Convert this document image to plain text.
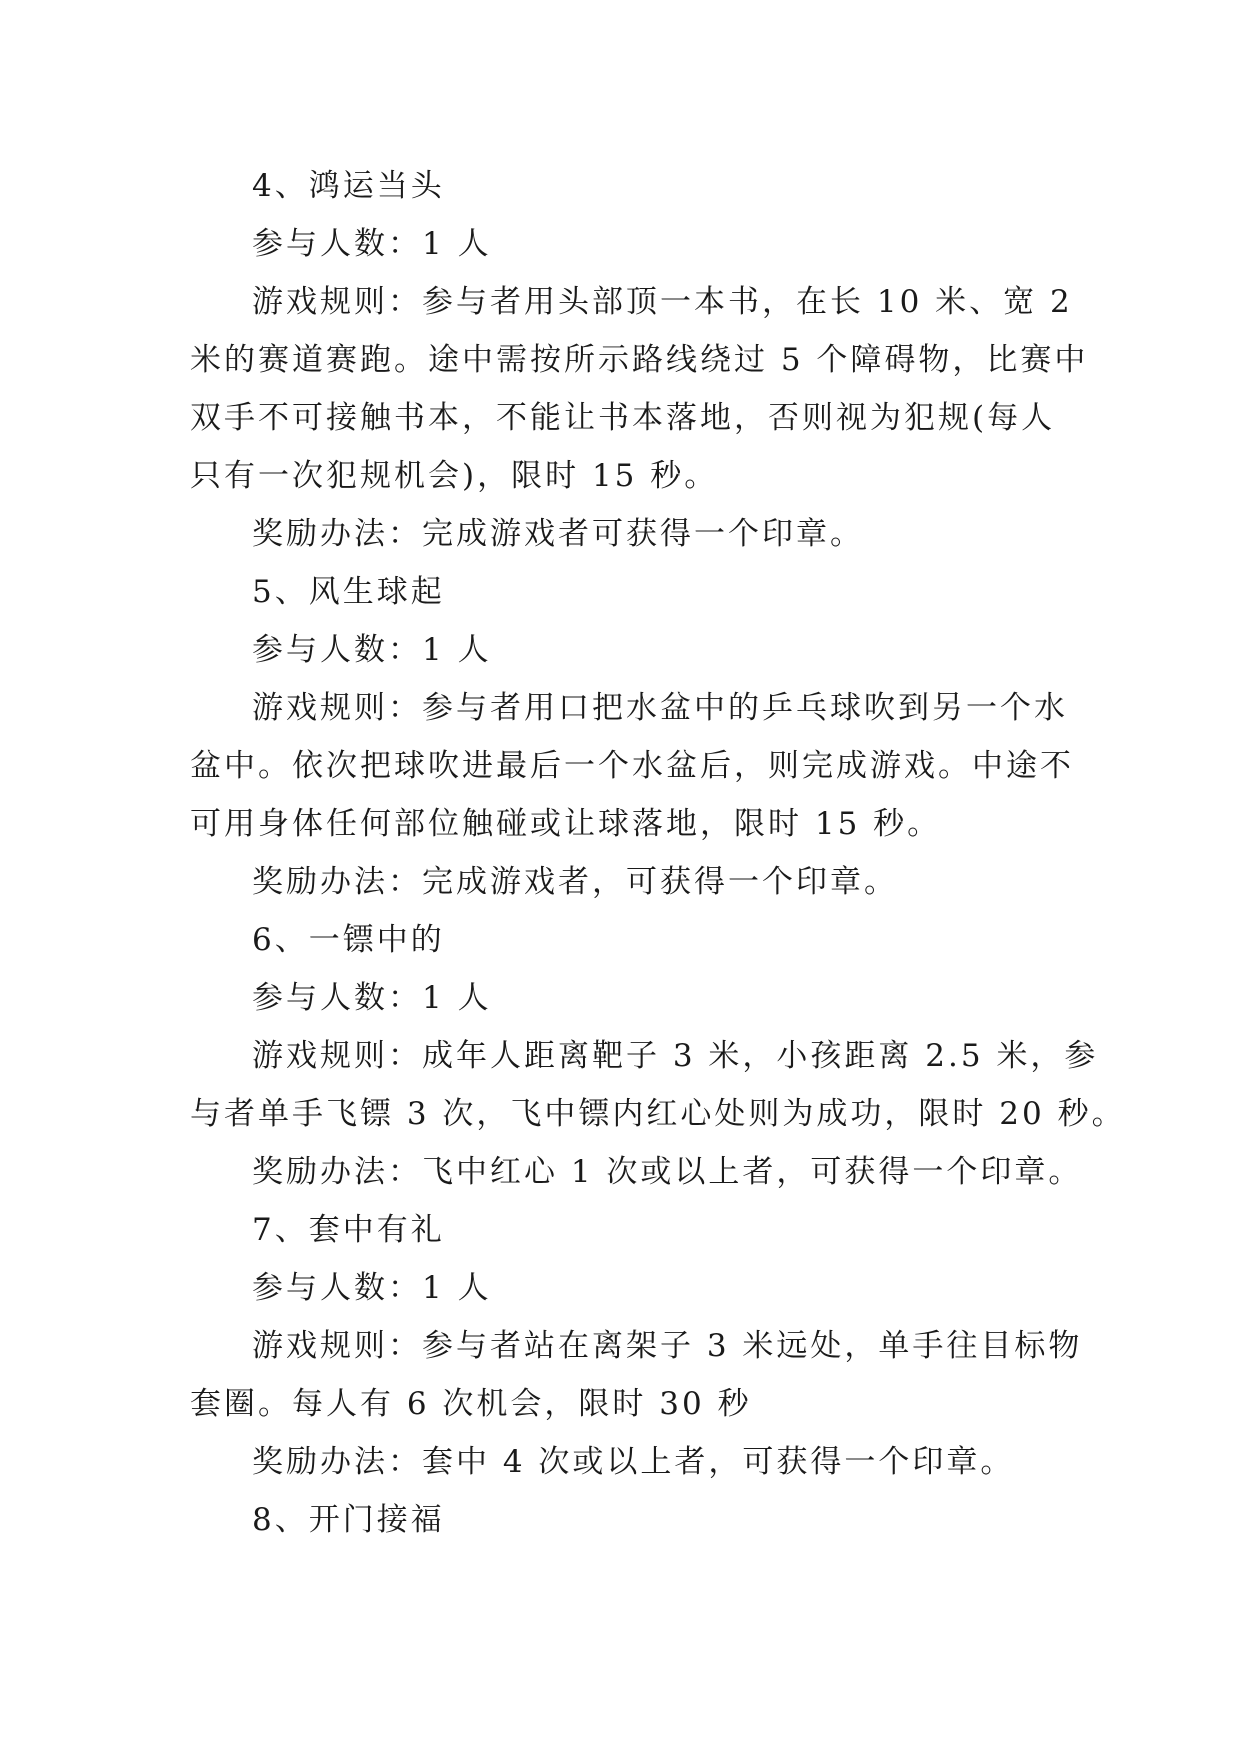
4、鸿运当头
参与人数：1 人
游戏规则：参与者用头部顶一本书，在长 10 米、宽 2
米的赛道赛跑。途中需按所示路线绕过 5 个障碍物，比赛中
双手不可接触书本，不能让书本落地，否则视为犯规(每人
只有一次犯规机会)，限时 15 秒。
奖励办法：完成游戏者可获得一个印章。
5、风生球起
参与人数：1 人
游戏规则：参与者用口把水盆中的乒乓球吹到另一个水
盆中。依次把球吹进最后一个水盆后，则完成游戏。中途不
可用身体任何部位触碰或让球落地，限时 15 秒。
奖励办法：完成游戏者，可获得一个印章。
6、一镖中的
参与人数：1 人
游戏规则：成年人距离靶子 3 米，小孩距离 2.5 米，参
与者单手飞镖 3 次，飞中镖内红心处则为成功，限时 20 秒。
奖励办法：飞中红心 1 次或以上者，可获得一个印章。
7、套中有礼
参与人数：1 人
游戏规则：参与者站在离架子 3 米远处，单手往目标物
套圈。每人有 6 次机会，限时 30 秒
奖励办法：套中 4 次或以上者，可获得一个印章。
8、开门接福
